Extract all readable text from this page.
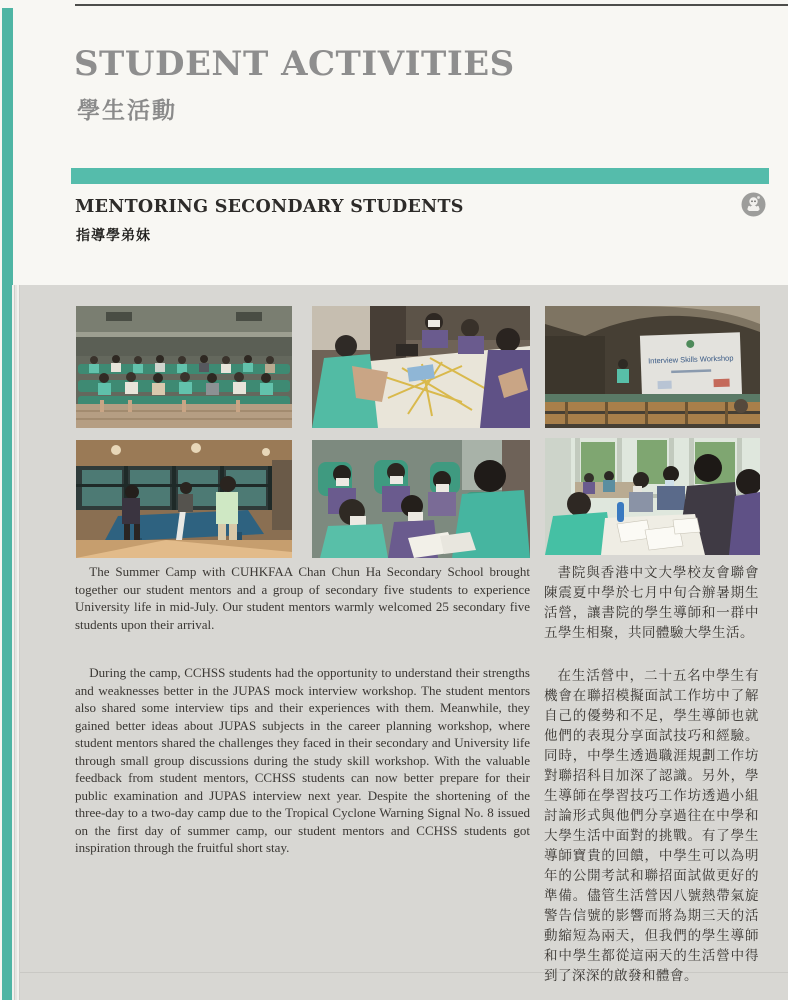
STUDENT ACTIVITIES
學生活動
MENTORING SECONDARY STUDENTS
指導學弟妹
Interview Skills Workshop

The Summer Camp with CUHKFAA Chan Chun Ha Secondary School brought together our student mentors and a group of secondary five students to experience University life in mid-July. Our student mentors warmly welcomed 25 secondary five students upon their arrival.

During the camp, CCHSS students had the opportunity to understand their strengths and weaknesses better in the JUPAS mock interview workshop. The student mentors also shared some interview tips and their experiences with them. Meanwhile, they gained better ideas about JUPAS subjects in the career planning workshop, where student mentors shared the challenges they faced in their secondary and University life through small group discussions during the study skill workshop. With the valuable feedback from student mentors, CCHSS students can now better prepare for their public examination and JUPAS interview next year. Despite the shortening of the three-day to a two-day camp due to the Tropical Cyclone Warning Signal No. 8 issued on the first day of summer camp, our student mentors and CCHSS students got inspiration through the fruitful short stay.

書院與香港中文大學校友會聯會陳震夏中學於七月中旬合辦暑期生活營，讓書院的學生導師和一群中五學生相聚，共同體驗大學生活。

在生活營中，二十五名中學生有機會在聯招模擬面試工作坊中了解自己的優勢和不足，學生導師也就他們的表現分享面試技巧和經驗。同時，中學生透過職涯規劃工作坊對聯招科目加深了認識。另外，學生導師在學習技巧工作坊透過小組討論形式與他們分享過往在中學和大學生活中面對的挑戰。有了學生導師寶貴的回饋，中學生可以為明年的公開考試和聯招面試做更好的準備。儘管生活營因八號熱帶氣旋警告信號的影響而將為期三天的活動縮短為兩天，但我們的學生導師和中學生都從這兩天的生活營中得到了深深的啟發和體會。
